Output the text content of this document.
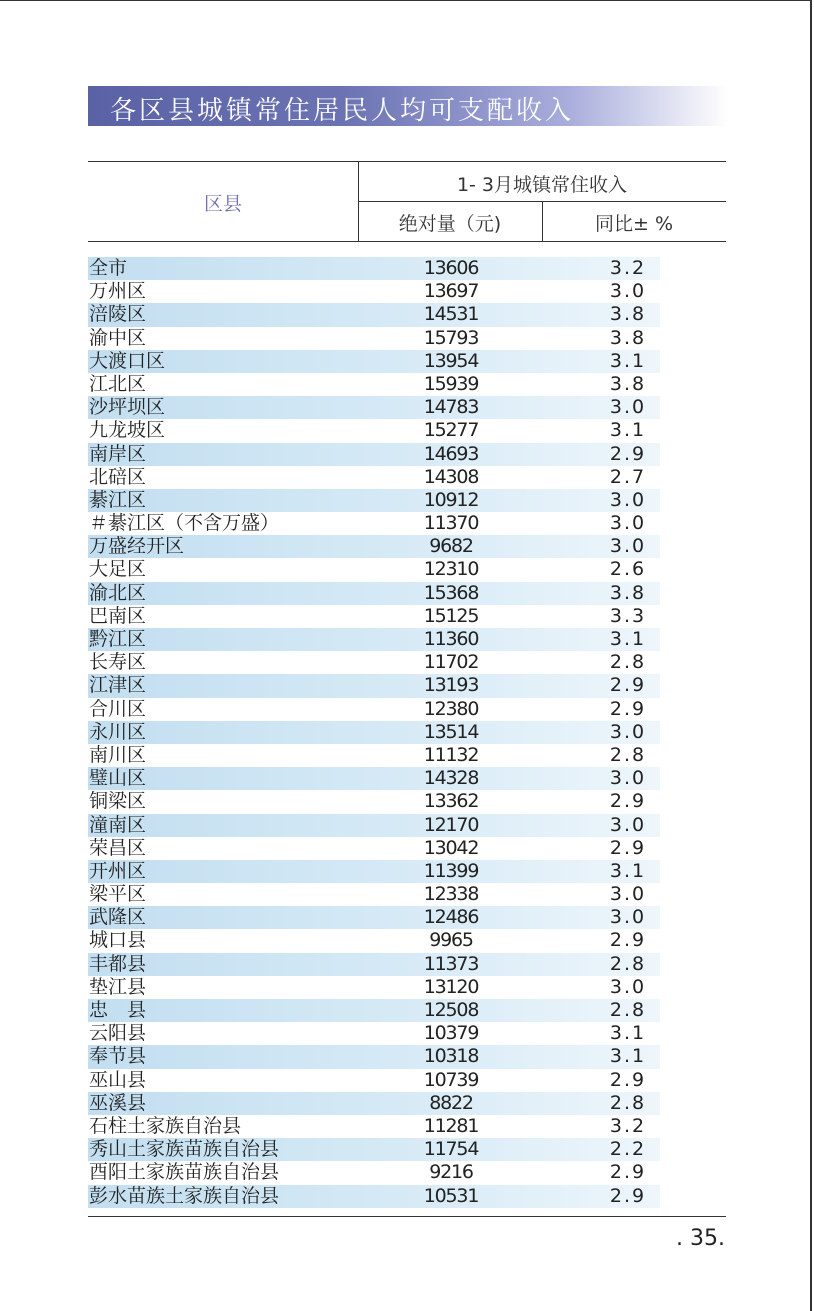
各区县城镇常住居民人均可支配收入
区县
1- 3月城镇常住收入
绝对量（元)	同比± %
全市	13606	3.2
万州区	13697	3.0
涪陵区	14531	3.8
渝中区	15793	3.8
大渡口区	13954	3.1
江北区	15939	3.8
沙坪坝区	14783	3.0
九龙坡区	15277	3.1
南岸区	14693	2.9
北碚区	14308	2.7
綦江区	10912	3.0
＃綦江区（不含万盛）	11370	3.0
万盛经开区	9682	3.0
大足区	12310	2.6
渝北区	15368	3.8
巴南区	15125	3.3
黔江区	11360	3.1
长寿区	11702	2.8
江津区	13193	2.9
合川区	12380	2.9
永川区	13514	3.0
南川区	11132	2.8
璧山区	14328	3.0
铜梁区	13362	2.9
潼南区	12170	3.0
荣昌区	13042	2.9
开州区	11399	3.1
梁平区	12338	3.0
武隆区	12486	3.0
城口县	9965	2.9
丰都县	11373	2.8
垫江县	13120	3.0
忠　县	12508	2.8
云阳县	10379	3.1
奉节县	10318	3.1
巫山县	10739	2.9
巫溪县	8822	2.8
石柱土家族自治县	11281	3.2
秀山土家族苗族自治县	11754	2.2
酉阳土家族苗族自治县	9216	2.9
彭水苗族土家族自治县	10531	2.9
. 35.
